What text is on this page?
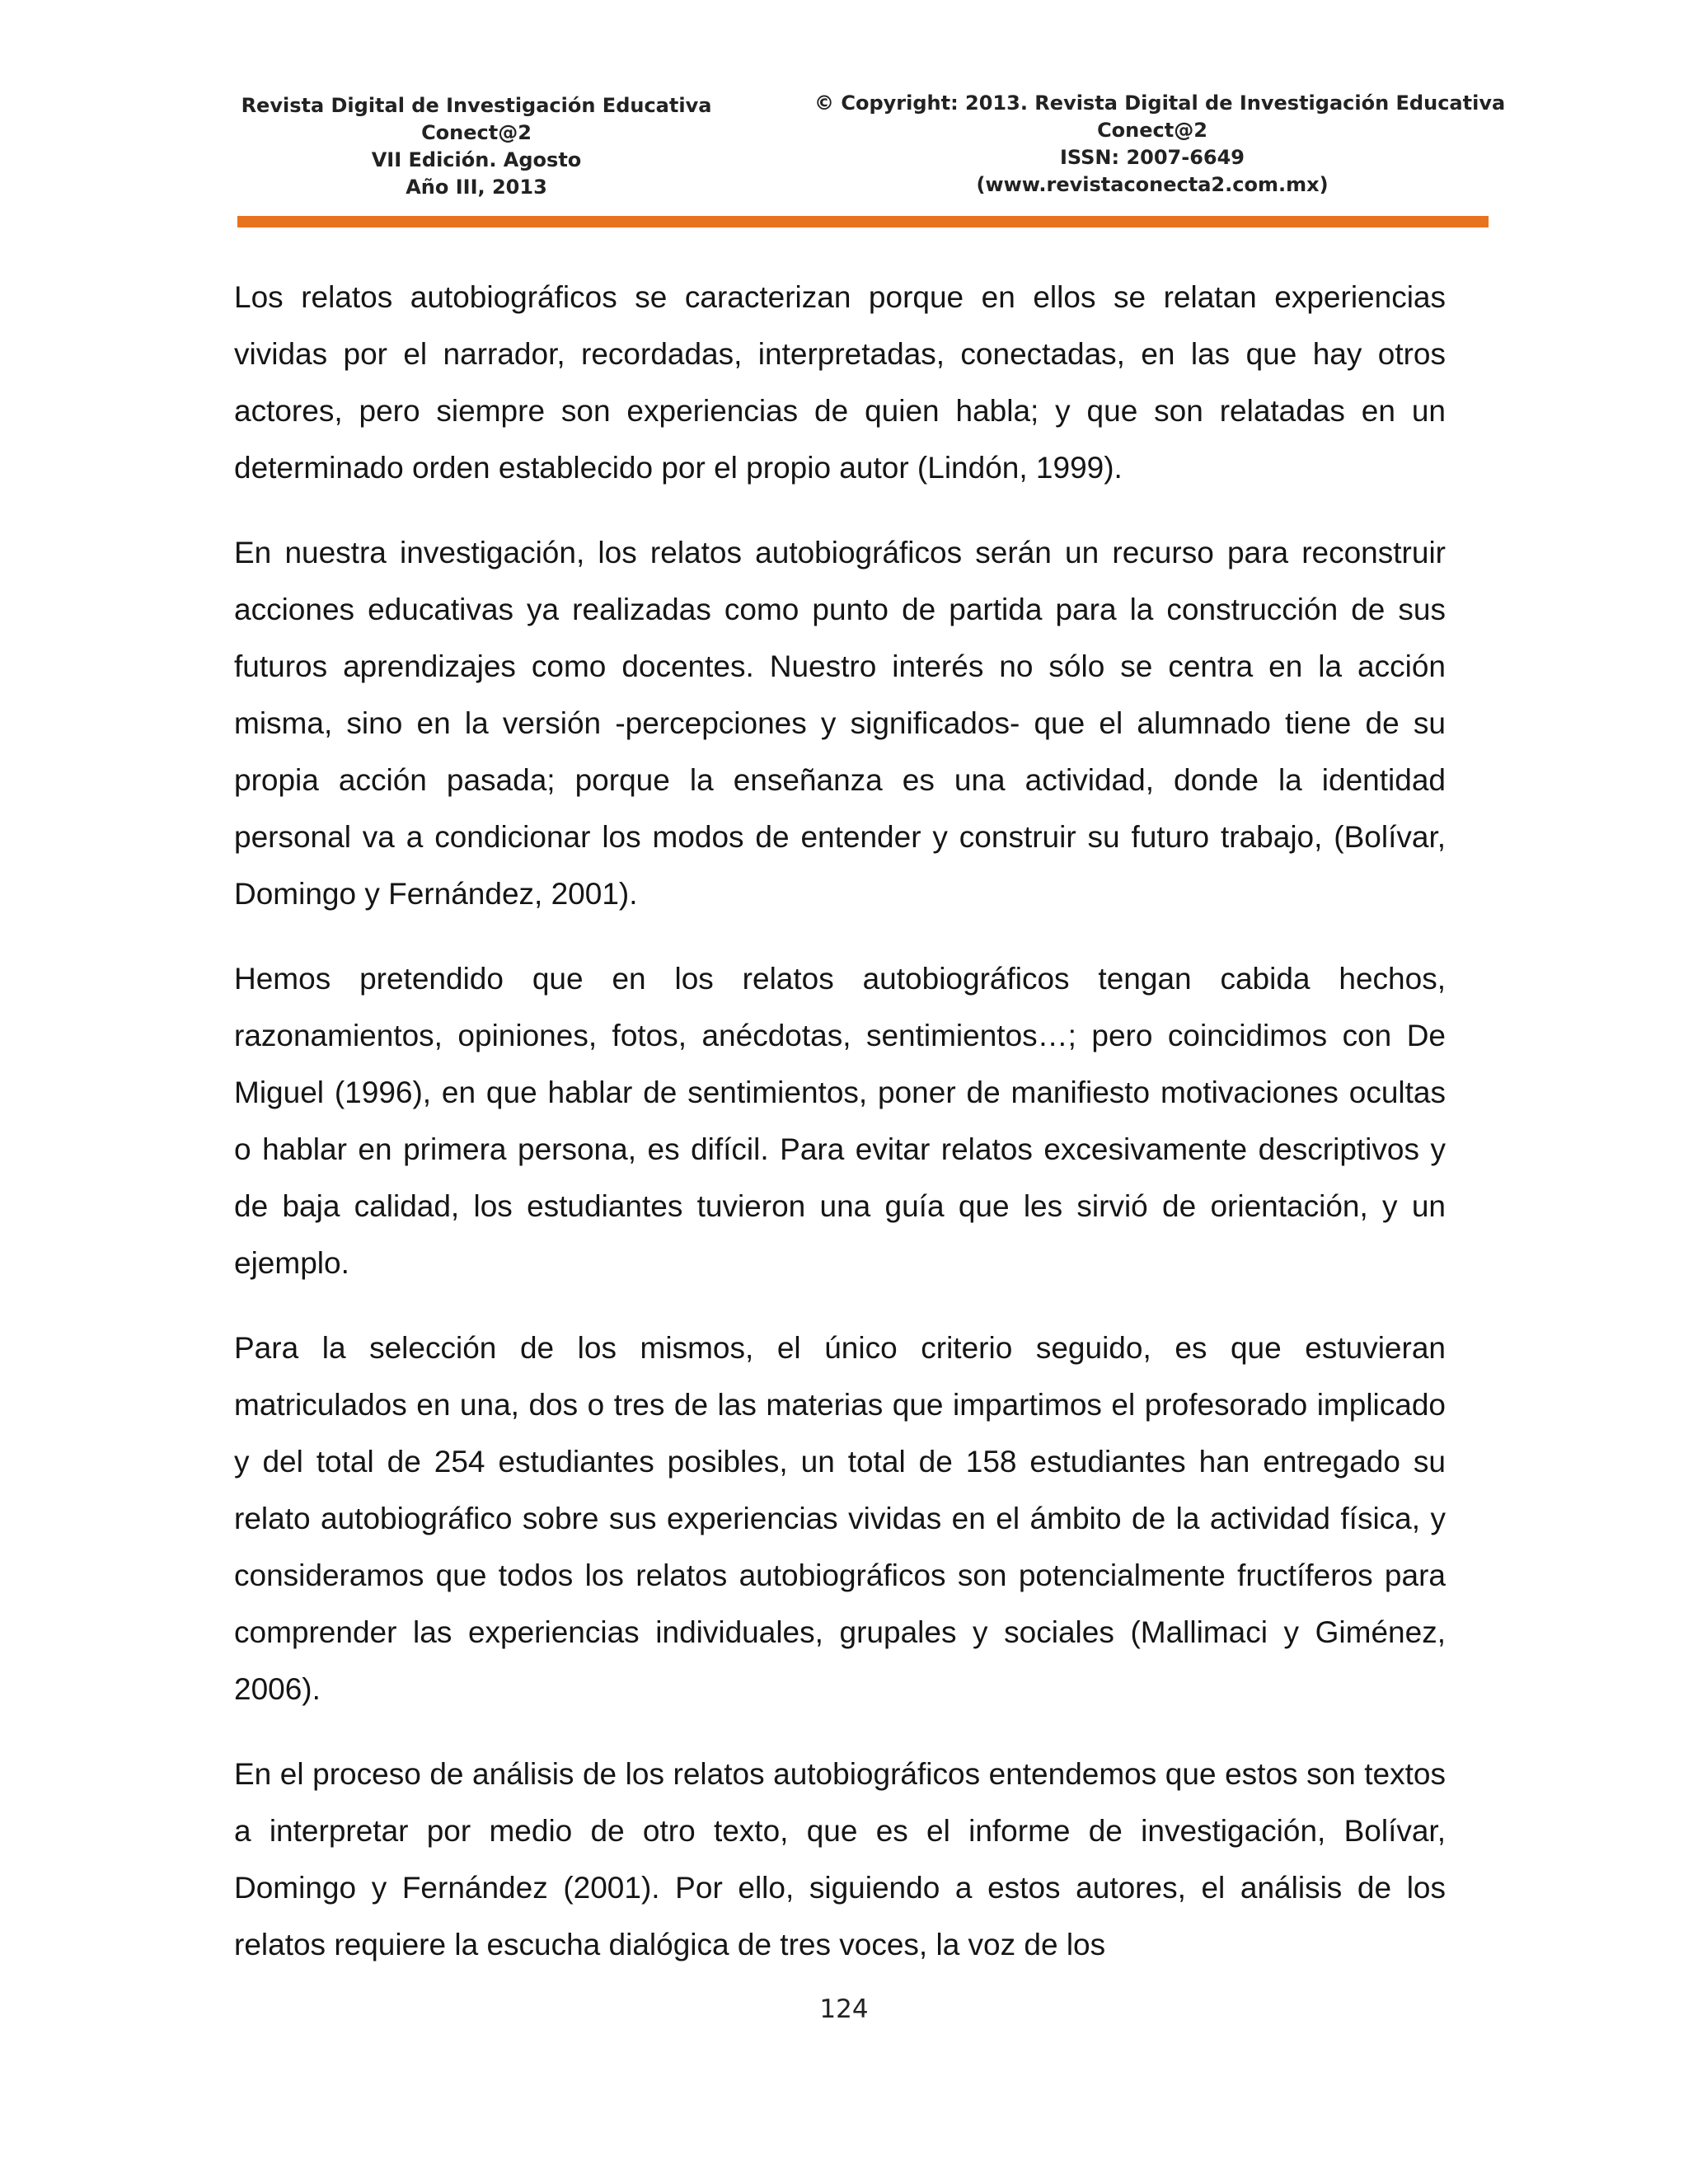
Revista Digital de Investigación Educativa
Conect@2
VII Edición. Agosto
Año III, 2013
© Copyright: 2013. Revista Digital de Investigación Educativa
Conect@2
ISSN: 2007-6649
(www.revistaconecta2.com.mx)

Los relatos autobiográficos se caracterizan porque en ellos se relatan experiencias vividas por el narrador, recordadas, interpretadas, conectadas, en las que hay otros actores, pero siempre son experiencias de quien habla; y que son relatadas en un determinado orden establecido por el propio autor (Lindón, 1999).

En nuestra investigación, los relatos autobiográficos serán un recurso para reconstruir acciones educativas ya realizadas como punto de partida para la construcción de sus futuros aprendizajes como docentes. Nuestro interés no sólo se centra en la acción misma, sino en la versión -percepciones y significados- que el alumnado tiene de su propia acción pasada; porque la enseñanza es una actividad, donde la identidad personal va a condicionar los modos de entender y construir su futuro trabajo, (Bolívar, Domingo y Fernández, 2001).

Hemos pretendido que en los relatos autobiográficos tengan cabida hechos, razonamientos, opiniones, fotos, anécdotas, sentimientos…; pero coincidimos con De Miguel (1996), en que hablar de sentimientos, poner de manifiesto motivaciones ocultas o hablar en primera persona, es difícil. Para evitar relatos excesivamente descriptivos y de baja calidad, los estudiantes tuvieron una guía que les sirvió de orientación, y un ejemplo.

Para la selección de los mismos, el único criterio seguido, es que estuvieran matriculados en una, dos o tres de las materias que impartimos el profesorado implicado y del total de 254 estudiantes posibles, un total de 158 estudiantes han entregado su relato autobiográfico sobre sus experiencias vividas en el ámbito de la actividad física, y consideramos que todos los relatos autobiográficos son potencialmente fructíferos para comprender las experiencias individuales, grupales y sociales (Mallimaci y Giménez, 2006).

En el proceso de análisis de los relatos autobiográficos entendemos que estos son textos a interpretar por medio de otro texto, que es el informe de investigación, Bolívar, Domingo y Fernández (2001). Por ello, siguiendo a estos autores, el análisis de los relatos requiere la escucha dialógica de tres voces, la voz de los

124
